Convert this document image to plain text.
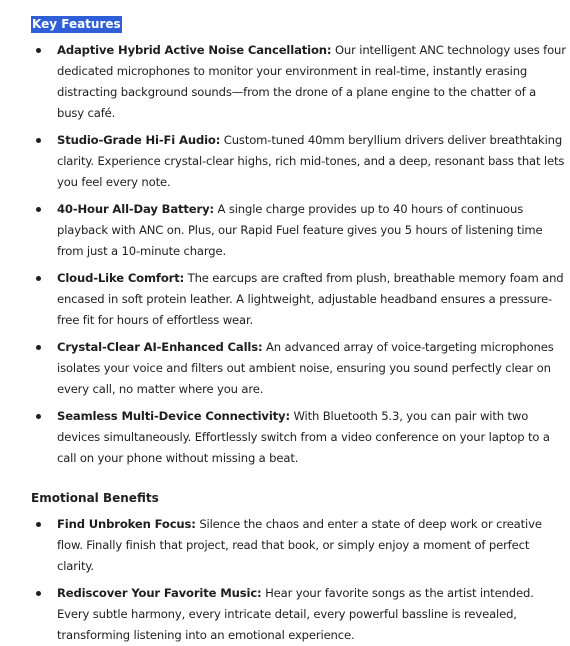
Key Features
Adaptive Hybrid Active Noise Cancellation: Our intelligent ANC technology uses four dedicated microphones to monitor your environment in real-time, instantly erasing distracting background sounds—from the drone of a plane engine to the chatter of a busy café.
Studio-Grade Hi-Fi Audio: Custom-tuned 40mm beryllium drivers deliver breathtaking clarity. Experience crystal-clear highs, rich mid-tones, and a deep, resonant bass that lets you feel every note.
40-Hour All-Day Battery: A single charge provides up to 40 hours of continuous playback with ANC on. Plus, our Rapid Fuel feature gives you 5 hours of listening time from just a 10-minute charge.
Cloud-Like Comfort: The earcups are crafted from plush, breathable memory foam and encased in soft protein leather. A lightweight, adjustable headband ensures a pressure-free fit for hours of effortless wear.
Crystal-Clear AI-Enhanced Calls: An advanced array of voice-targeting microphones isolates your voice and filters out ambient noise, ensuring you sound perfectly clear on every call, no matter where you are.
Seamless Multi-Device Connectivity: With Bluetooth 5.3, you can pair with two devices simultaneously. Effortlessly switch from a video conference on your laptop to a call on your phone without missing a beat.
Emotional Benefits
Find Unbroken Focus: Silence the chaos and enter a state of deep work or creative flow. Finally finish that project, read that book, or simply enjoy a moment of perfect clarity.
Rediscover Your Favorite Music: Hear your favorite songs as the artist intended. Every subtle harmony, every intricate detail, every powerful bassline is revealed, transforming listening into an emotional experience.
